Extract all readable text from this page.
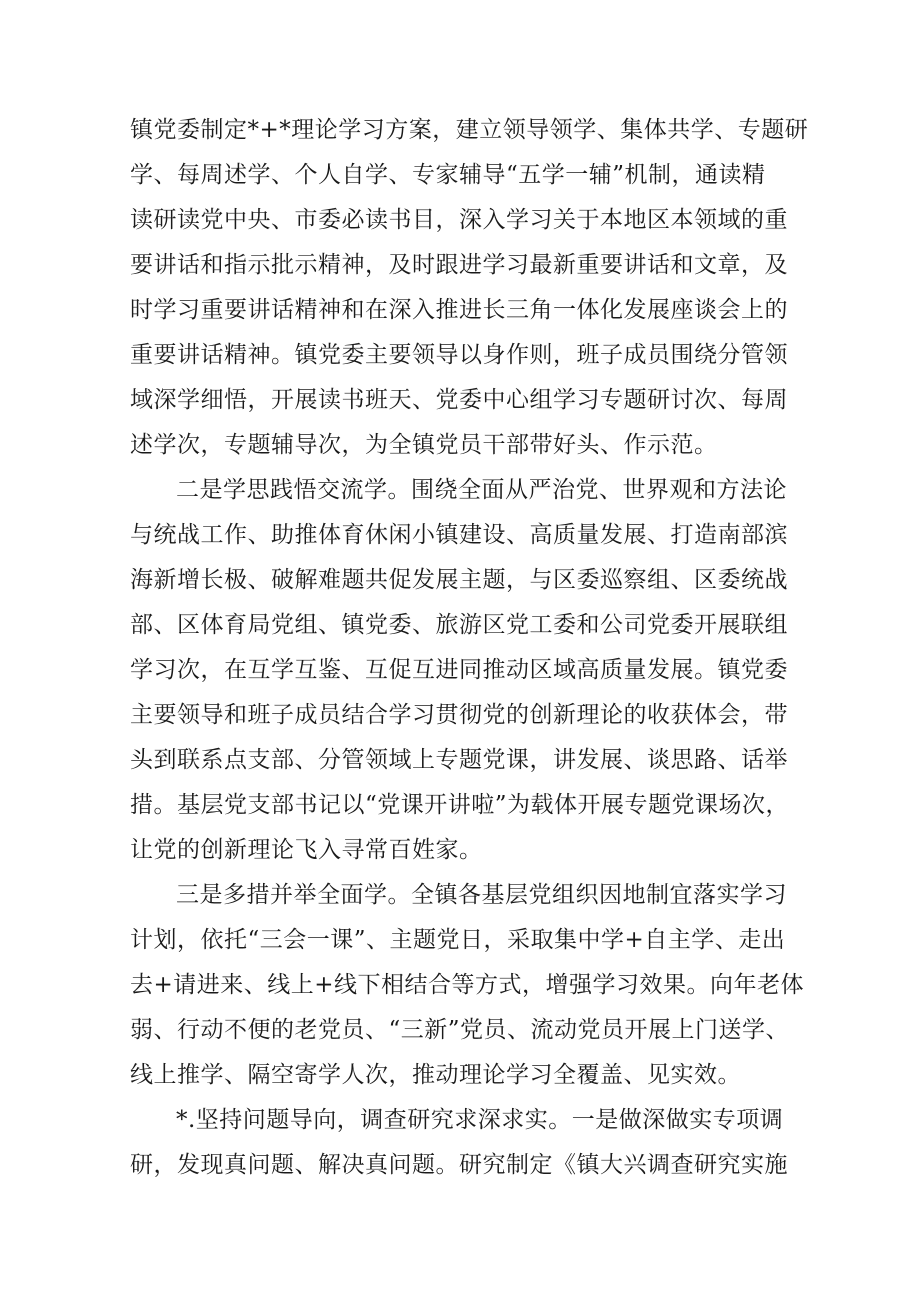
镇党委制定*+*理论学习方案，建立领导领学、集体共学、专题研
学、每周述学、个人自学、专家辅导“五学一辅”机制，通读精
读研读党中央、市委必读书目，深入学习关于本地区本领域的重
要讲话和指示批示精神，及时跟进学习最新重要讲话和文章，及
时学习重要讲话精神和在深入推进长三角一体化发展座谈会上的
重要讲话精神。镇党委主要领导以身作则，班子成员围绕分管领
域深学细悟，开展读书班天、党委中心组学习专题研讨次、每周
述学次，专题辅导次，为全镇党员干部带好头、作示范。
二是学思践悟交流学。围绕全面从严治党、世界观和方法论
与统战工作、助推体育休闲小镇建设、高质量发展、打造南部滨
海新增长极、破解难题共促发展主题，与区委巡察组、区委统战
部、区体育局党组、镇党委、旅游区党工委和公司党委开展联组
学习次，在互学互鉴、互促互进同推动区域高质量发展。镇党委
主要领导和班子成员结合学习贯彻党的创新理论的收获体会，带
头到联系点支部、分管领域上专题党课，讲发展、谈思路、话举
措。基层党支部书记以“党课开讲啦”为载体开展专题党课场次，
让党的创新理论飞入寻常百姓家。
三是多措并举全面学。全镇各基层党组织因地制宜落实学习
计划，依托“三会一课”、主题党日，采取集中学+自主学、走出
去+请进来、线上+线下相结合等方式，增强学习效果。向年老体
弱、行动不便的老党员、“三新”党员、流动党员开展上门送学、
线上推学、隔空寄学人次，推动理论学习全覆盖、见实效。
*.坚持问题导向，调查研究求深求实。一是做深做实专项调
研，发现真问题、解决真问题。研究制定《镇大兴调查研究实施
